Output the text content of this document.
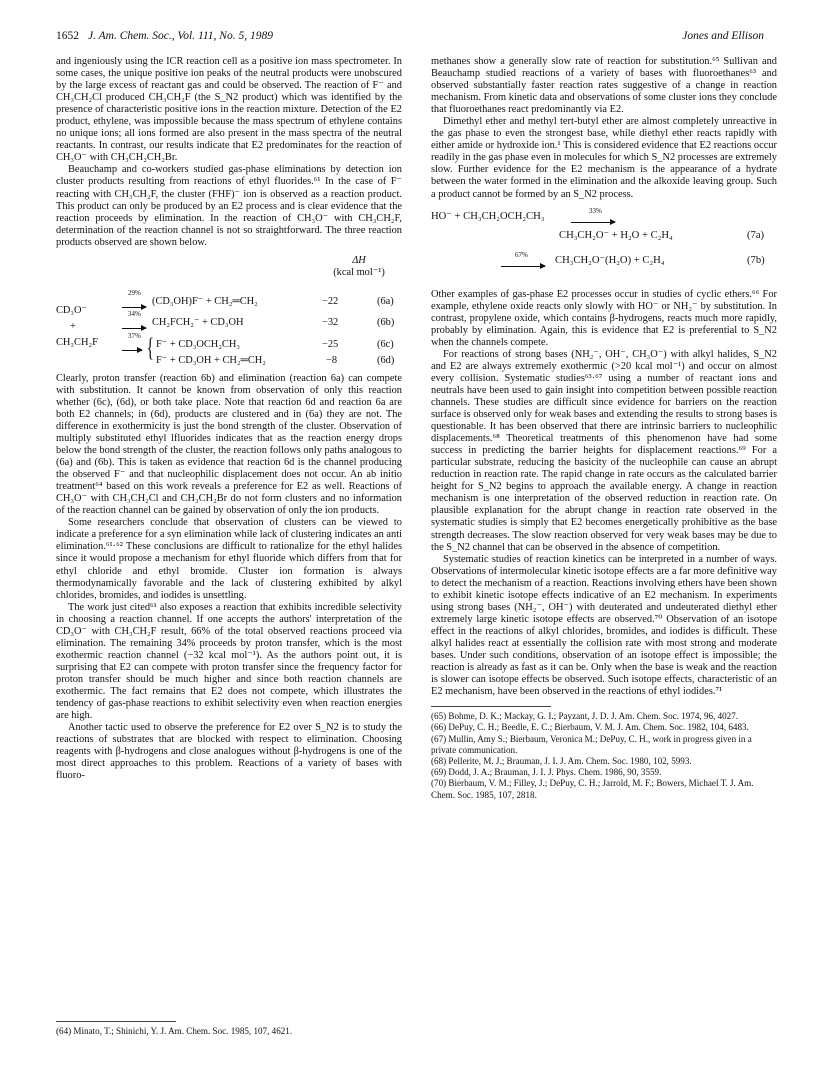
1652 J. Am. Chem. Soc., Vol. 111, No. 5, 1989	Jones and Ellison

and ingeniously using the ICR reaction cell as a positive ion mass spectrometer. In some cases, the unique positive ion peaks of the neutral products were unobscured by the large excess of reactant gas and could be observed. The reaction of F⁻ and CH₃CH₂Cl produced CH₃CH₂F (the S_N2 product) which was identified by the presence of characteristic positive ions in the reaction mixture. Detection of the E2 product, ethylene, was impossible because the mass spectrum of ethylene contains no unique ions; all ions formed are also present in the mass spectra of the neutral reactants. In contrast, our results indicate that E2 predominates for the reaction of CH₃O⁻ with CH₃CH₂CH₂Br.

Beauchamp and co-workers studied gas-phase eliminations by detection ion cluster products resulting from reactions of ethyl fluorides.⁶¹ In the case of F⁻ reacting with CH₃CH₂F, the cluster (FHF)⁻ ion is observed as a reaction product. This product can only be produced by an E2 process and is clear evidence that the reaction proceeds by elimination. In the reaction of CH₃O⁻ with CH₃CH₂F, determination of the reaction channel is not so straightforward. The three reaction products observed are shown below.

ΔH
(kcal mol⁻¹)
CD₃O⁻
+
CH₃CH₂F
29%
(CD₃OH)F⁻ + CH₂═CH₂	−22	(6a)
34%
CH₂FCH₂⁻ + CD₃OH	−32	(6b)
37% { F⁻ + CD₃OCH₂CH₃	−25	(6c)
F⁻ + CD₃OH + CH₂═CH₂	−8	(6d)

Clearly, proton transfer (reaction 6b) and elimination (reaction 6a) can compete with substitution. It cannot be known from observation of only this reaction whether (6c), (6d), or both take place. Note that reaction 6d and reaction 6a are both E2 channels; in (6d), products are clustered and in (6a) they are not. The difference in exothermicity is just the bond strength of the cluster. Observation of multiply substituted ethyl lfluorides indicates that as the reaction energy drops below the bond strength of the cluster, the reaction follows only paths analogous to (6a) and (6b). This is taken as evidence that reaction 6d is the channel producing the observed F⁻ and that nucleophilic displacement does not occur. An ab initio treatment⁶⁴ based on this work reveals a preference for E2 as well. Reactions of CH₃O⁻ with CH₃CH₂Cl and CH₃CH₂Br do not form clusters and no information of the reaction channel can be gained by observation of only the ion products.

Some researchers conclude that observation of clusters can be viewed to indicate a preference for a syn elimination while lack of clustering indicates an anti elimination.⁶¹·⁶² These conclusions are difficult to rationalize for the ethyl halides since it would propose a mechanism for ethyl fluoride which differs from that for ethyl chloride and ethyl bromide. Cluster ion formation is always thermodynamically favorable and the lack of clustering exhibited by alkyl chlorides, bromides, and iodides is unsettling.

The work just cited⁶¹ also exposes a reaction that exhibits incredible selectivity in choosing a reaction channel. If one accepts the authors' interpretation of the CD₃O⁻ with CH₃CH₂F result, 66% of the total observed reactions proceed via elimination. The remaining 34% proceeds by proton transfer, which is the most exothermic reaction channel (−32 kcal mol⁻¹). As the authors point out, it is surprising that E2 can compete with proton transfer since the frequency factor for proton transfer should be much higher and since both reaction channels are exothermic. The fact remains that E2 does not compete, which illustrates the tendency of gas-phase reactions to exhibit selectivity even when reaction energies are high.

Another tactic used to observe the preference for E2 over S_N2 is to study the reactions of substrates that are blocked with respect to elimination. Choosing reagents with β-hydrogens and close analogues without β-hydrogens is one of the most direct approaches to this problem. Reactions of a variety of bases with fluoro-

(64) Minato, T.; Shinichi, Y. J. Am. Chem. Soc. 1985, 107, 4621.

methanes show a generally slow rate of reaction for substitution.⁶⁵ Sullivan and Beauchamp studied reactions of a variety of bases with fluoroethanes⁶³ and observed substantially faster reaction rates suggestive of a change in reaction mechanism. From kinetic data and observations of some cluster ions they conclude that fluoroethanes react predominantly via E2.

Dimethyl ether and methyl tert-butyl ether are almost completely unreactive in the gas phase to even the strongest base, while diethyl ether reacts rapidly with either amide or hydroxide ion.¹ This is considered evidence that E2 reactions occur readily in the gas phase even in molecules for which S_N2 processes are extremely slow. Further evidence for the E2 mechanism is the appearance of a hydrate between the water formed in the elimination and the alkoxide leaving group. Such a product cannot be formed by an S_N2 process.

HO⁻ + CH₃CH₂OCH₂CH₃	33%
CH₃CH₂O⁻ + H₂O + C₂H₄	(7a)
67%	CH₃CH₂O⁻(H₂O) + C₂H₄	(7b)

Other examples of gas-phase E2 processes occur in studies of cyclic ethers.⁶⁶ For example, ethylene oxide reacts only slowly with HO⁻ or NH₂⁻ by substitution. In contrast, propylene oxide, which contains β-hydrogens, reacts much more rapidly, probably by elimination. Again, this is evidence that E2 is preferential to S_N2 when the channels compete.

For reactions of strong bases (NH₂⁻, OH⁻, CH₃O⁻) with alkyl halides, S_N2 and E2 are always extremely exothermic (>20 kcal mol⁻¹) and occur on almost every collision. Systematic studies⁶³·⁶⁷ using a number of reactant ions and neutrals have been used to gain insight into competition between possible reaction channels. These studies are difficult since evidence for barriers on the reaction surface is observed only for weak bases and extending the results to strong bases is questionable. It has been observed that there are intrinsic barriers to nucleophilic displacements.⁶⁸ Theoretical treatments of this phenomenon have had some success in predicting the barrier heights for displacement reactions.⁶⁹ For a particular substrate, reducing the basicity of the nucleophile can cause an abrupt reduction in reaction rate. The rapid change in rate occurs as the calculated barrier height for S_N2 begins to approach the available energy. A change in reaction mechanism is one interpretation of the observed reduction in reaction rate. On plausible explanation for the abrupt change in reaction rate observed in the systematic studies is simply that E2 becomes energetically prohibitive as the base strength decreases. The slow reaction observed for very weak bases may be due to the S_N2 channel that can be observed in the absence of competition.

Systematic studies of reaction kinetics can be interpreted in a number of ways. Observations of intermolecular kinetic isotope effects are a far more definitive way to detect the mechanism of a reaction. Reactions involving ethers have been shown to exhibit kinetic isotope effects indicative of an E2 mechanism. In experiments using strong bases (NH₂⁻, OH⁻) with deuterated and undeuterated diethyl ether extremely large kinetic isotope effects are observed.⁷⁰ Observation of an isotope effect in the reactions of alkyl chlorides, bromides, and iodides is difficult. These alkyl halides react at essentially the collision rate with most strong and moderate bases. Under such conditions, observation of an isotope effect is impossible; the reaction is already as fast as it can be. Only when the base is weak and the reaction is slower can isotope effects be observed. Such isotope effects, characteristic of an E2 mechanism, have been observed in the reactions of ethyl iodides.⁷¹

(65) Bohme, D. K.; Mackay, G. I.; Payzant, J. D. J. Am. Chem. Soc. 1974, 96, 4027.

(66) DePuy, C. H.; Beedle, E. C.; Bierbaum, V. M. J. Am. Chem. Soc. 1982, 104, 6483.

(67) Mullin, Amy S.; Bierbaum, Veronica M.; DePuy, C. H., work in progress given in a private communication.

(68) Pellerite, M. J.; Brauman, J. I. J. Am. Chem. Soc. 1980, 102, 5993.

(69) Dodd, J. A.; Brauman, J. I. J. Phys. Chem. 1986, 90, 3559.

(70) Bierbaum, V. M.; Filley, J.; DePuy, C. H.; Jarrold, M. F.; Bowers, Michael T. J. Am. Chem. Soc. 1985, 107, 2818.
